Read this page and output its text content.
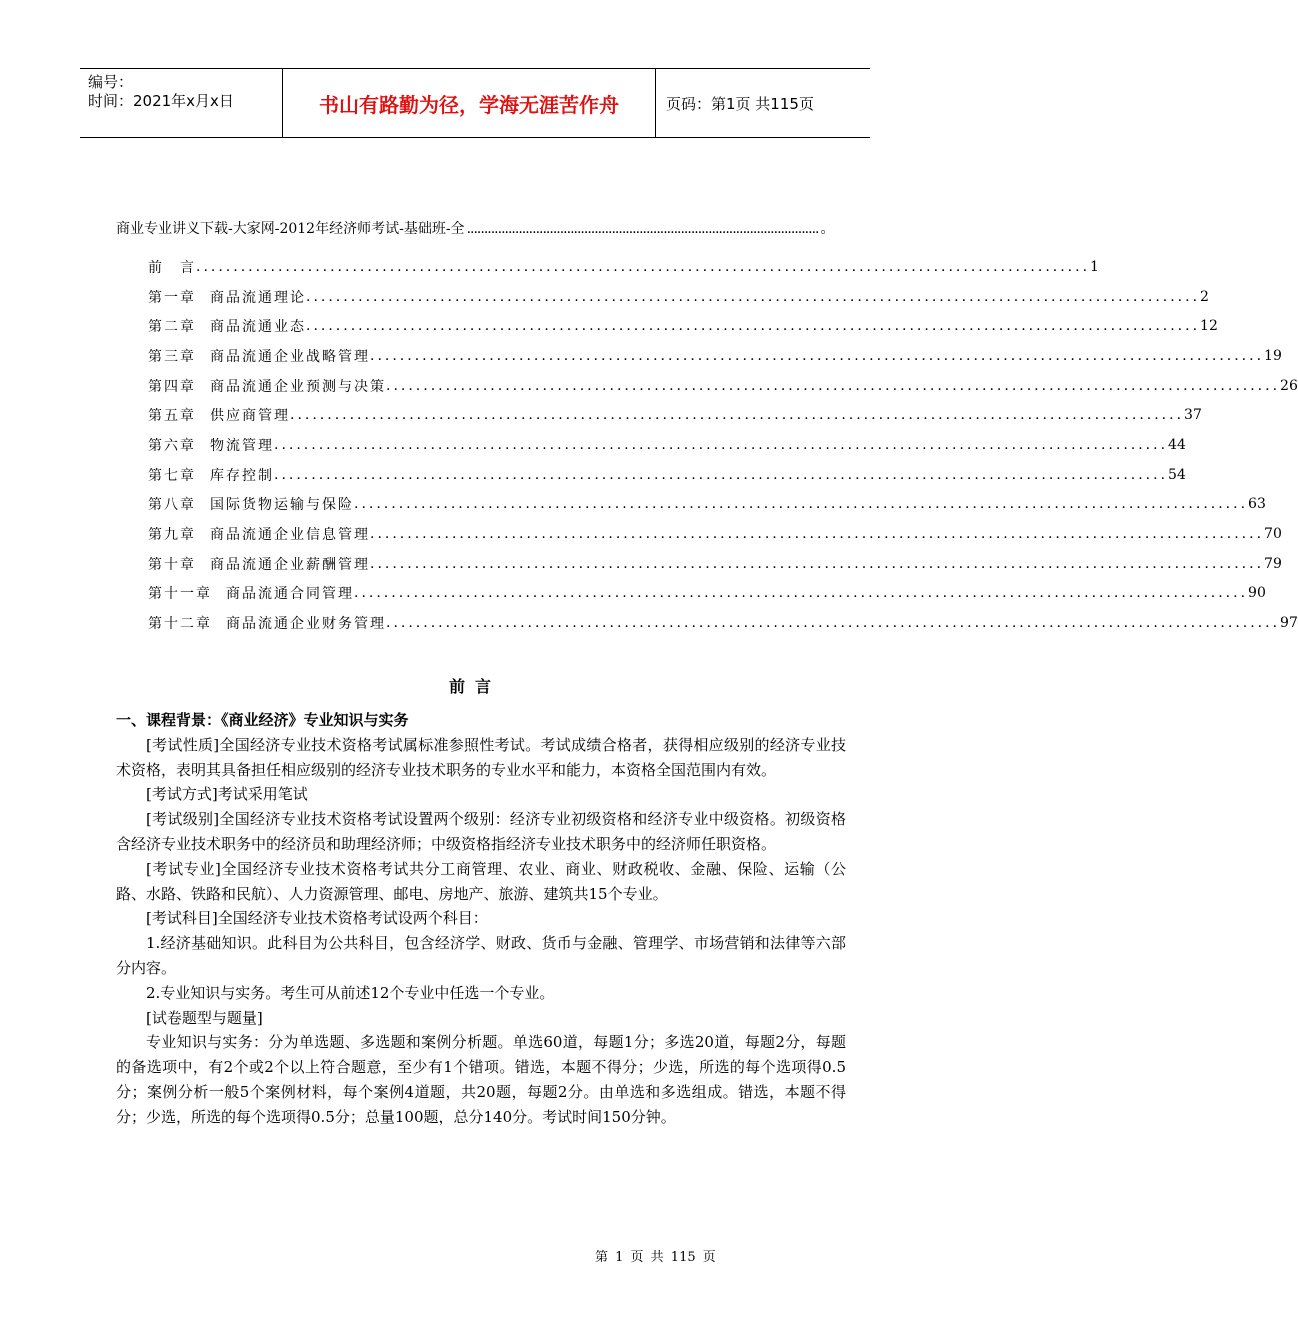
编号：
时间：2021年x月x日	书山有路勤为径，学海无涯苦作舟	页码：第1页 共115页
商业专业讲义下载-大家网-2012年经济师考试-基础班-全 ...................................................................................................... 。
前　言 ........................................................................................................................ 1
第一章 商品流通理论 ........................................................................................................................ 2
第二章 商品流通业态 ........................................................................................................................ 12
第三章 商品流通企业战略管理 ........................................................................................................................ 19
第四章 商品流通企业预测与决策 ........................................................................................................................ 26
第五章 供应商管理 ........................................................................................................................ 37
第六章 物流管理 ........................................................................................................................ 44
第七章 库存控制 ........................................................................................................................ 54
第八章 国际货物运输与保险 ........................................................................................................................ 63
第九章 商品流通企业信息管理 ........................................................................................................................ 70
第十章 商品流通企业薪酬管理 ........................................................................................................................ 79
第十一章 商品流通合同管理 ........................................................................................................................ 90
第十二章 商品流通企业财务管理 ........................................................................................................................ 97
前言

一、课程背景：《商业经济》专业知识与实务

[考试性质]全国经济专业技术资格考试属标准参照性考试。考试成绩合格者，获得相应级别的经济专业技术资格，表明其具备担任相应级别的经济专业技术职务的专业水平和能力，本资格全国范围内有效。

[考试方式]考试采用笔试

[考试级别]全国经济专业技术资格考试设置两个级别：经济专业初级资格和经济专业中级资格。初级资格含经济专业技术职务中的经济员和助理经济师；中级资格指经济专业技术职务中的经济师任职资格。

[考试专业]全国经济专业技术资格考试共分工商管理、农业、商业、财政税收、金融、保险、运输（公路、水路、铁路和民航）、人力资源管理、邮电、房地产、旅游、建筑共15个专业。

[考试科目]全国经济专业技术资格考试设两个科目：

1.经济基础知识。此科目为公共科目，包含经济学、财政、货币与金融、管理学、市场营销和法律等六部分内容。

2.专业知识与实务。考生可从前述12个专业中任选一个专业。

[试卷题型与题量]

专业知识与实务：分为单选题、多选题和案例分析题。单选60道，每题1分；多选20道，每题2分，每题的备选项中，有2个或2个以上符合题意，至少有1个错项。错选，本题不得分；少选，所选的每个选项得0.5分；案例分析一般5个案例材料，每个案例4道题，共20题，每题2分。由单选和多选组成。错选，本题不得分；少选，所选的每个选项得0.5分；总量100题，总分140分。考试时间150分钟。

第 1 页 共 115 页
